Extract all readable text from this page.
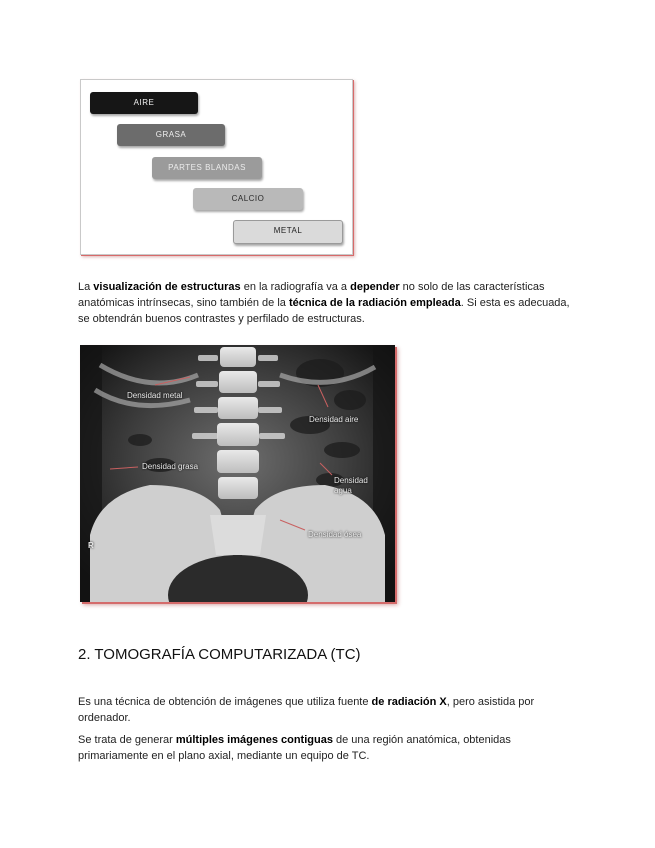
AIRE
GRASA
PARTES BLANDAS
CALCIO
METAL

La visualización de estructuras en la radiografía va a depender no solo de las características anatómicas intrínsecas, sino también de la técnica de la radiación empleada. Si esta es adecuada, se obtendrán buenos contrastes y perfilado de estructuras.

Densidad metal
Densidad aire
Densidad grasa
Densidad
agua
Densidad ósea
R
2. TOMOGRAFÍA COMPUTARIZADA (TC)

Es una técnica de obtención de imágenes que utiliza fuente de radiación X, pero asistida por ordenador.

Se trata de generar múltiples imágenes contiguas de una región anatómica, obtenidas primariamente en el plano axial, mediante un equipo de TC.
